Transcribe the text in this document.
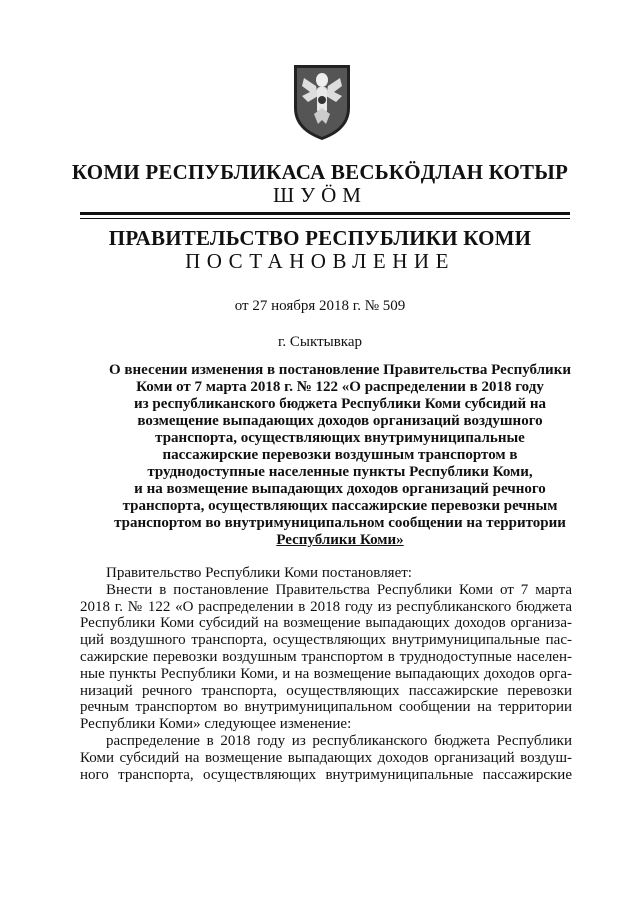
КОМИ РЕСПУБЛИКАСА ВЕСЬКӦДЛАН КОТЫР
ШУӦМ
ПРАВИТЕЛЬСТВО РЕСПУБЛИКИ КОМИ
ПОСТАНОВЛЕНИЕ
от 27 ноября 2018 г. № 509
г. Сыктывкар
О внесении изменения в постановление Правительства Республики
Коми от 7 марта 2018 г. № 122 «О распределении в 2018 году
из республиканского бюджета Республики Коми субсидий на
возмещение выпадающих доходов организаций воздушного
транспорта, осуществляющих внутримуниципальные
пассажирские перевозки воздушным транспортом в
труднодоступные населенные пункты Республики Коми,
и на возмещение выпадающих доходов организаций речного
транспорта, осуществляющих пассажирские перевозки речным
транспортом во внутримуниципальном сообщении на территории
Республики Коми»
Правительство Республики Коми постановляет:
Внести в постановление Правительства Республики Коми от 7 марта
2018 г. № 122 «О распределении в 2018 году из республиканского бюджета
Республики Коми субсидий на возмещение выпадающих доходов организа-
ций воздушного транспорта, осуществляющих внутримуниципальные пас-
сажирские перевозки воздушным транспортом в труднодоступные населен-
ные пункты Республики Коми, и на возмещение выпадающих доходов орга-
низаций речного транспорта, осуществляющих пассажирские перевозки
речным транспортом во внутримуниципальном сообщении на территории
Республики Коми» следующее изменение:
распределение в 2018 году из республиканского бюджета Республики
Коми субсидий на возмещение выпадающих доходов организаций воздуш-
ного транспорта, осуществляющих внутримуниципальные пассажирские
